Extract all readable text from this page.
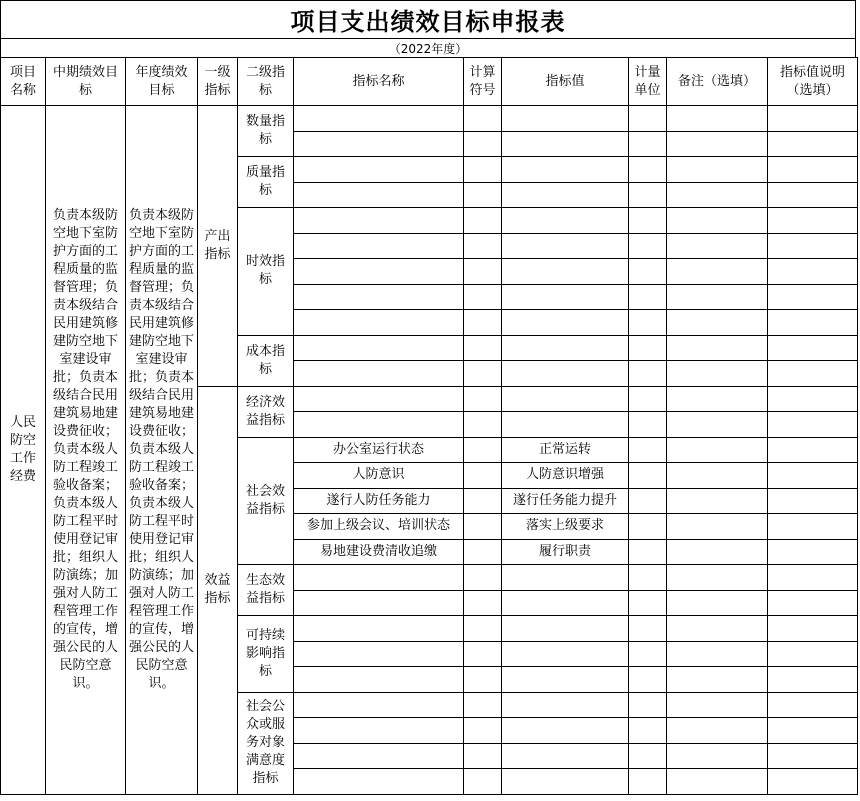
项目支出绩效目标申报表
（2022年度）
项目名称	中期绩效目标	年度绩效目标	一级指标	二级指标	指标名称	计算符号	指标值	计量单位	备注（选填）	指标值说明（选填）
人民防空工作经费	负责本级防空地下室防护方面的工程质量的监督管理；负责本级结合民用建筑修建防空地下室建设审批；负责本级结合民用建筑易地建设费征收；负责本级人防工程竣工验收备案；负责本级人防工程平时使用登记审批；组织人防演练；加强对人防工程管理工作的宣传，增强公民的人民防空意识。	负责本级防空地下室防护方面的工程质量的监督管理；负责本级结合民用建筑修建防空地下室建设审批；负责本级结合民用建筑易地建设费征收；负责本级人防工程竣工验收备案；负责本级人防工程平时使用登记审批；组织人防演练；加强对人防工程管理工作的宣传，增强公民的人民防空意识。	产出指标	数量指标						

				质量指标						

				时效指标						

				成本指标						

			效益指标	经济效益指标						

				社会效益指标	办公室运行状态		正常运转			
					人防意识		人防意识增强			
					遂行人防任务能力		遂行任务能力提升			
					参加上级会议、培训状态		落实上级要求			
					易地建设费清收追缴		履行职责			
				生态效益指标						

				可持续影响指标						

				社会公众或服务对象满意度指标						
